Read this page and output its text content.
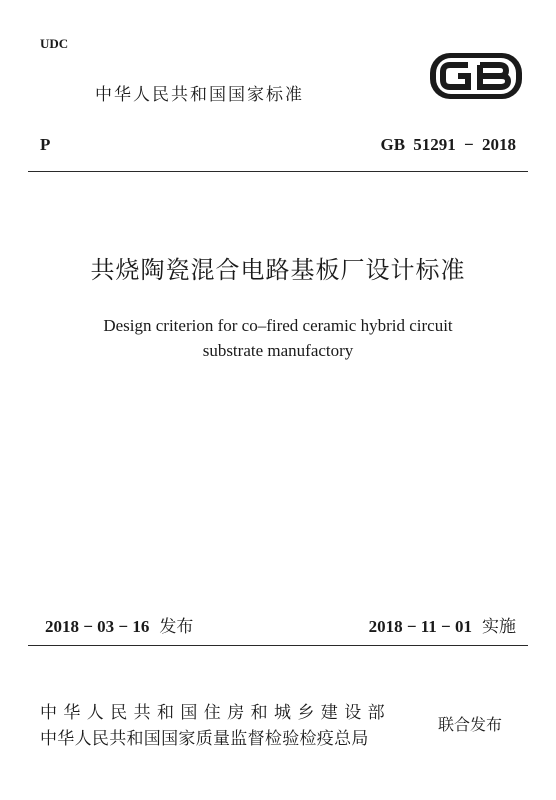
UDC
中华人民共和国国家标准
GB
P	GB 51291 − 2018
共烧陶瓷混合电路基板厂设计标准
Design criterion for co–fired ceramic hybrid circuit
substrate manufactory
2018 − 03 − 16 发布	2018 − 11 − 01 实施
中华人民共和国住房和城乡建设部
中华人民共和国国家质量监督检验检疫总局
联合发布
